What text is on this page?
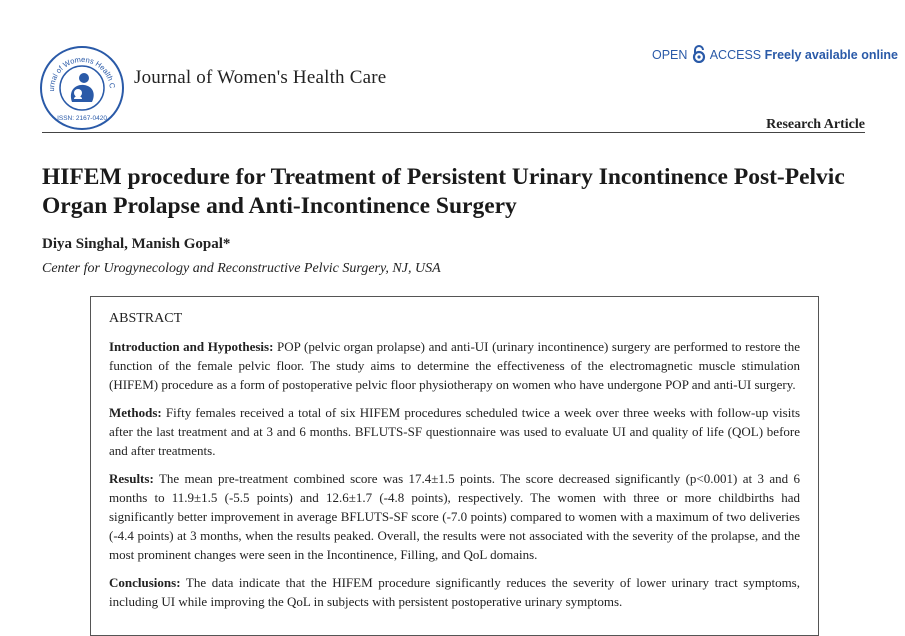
urnal of Womens Health C
ISSN: 2167-0420
Journal of Women's Health Care
OPEN ACCESS Freely available online
Research Article
HIFEM procedure for Treatment of Persistent Urinary Incontinence Post-Pelvic Organ Prolapse and Anti-Incontinence Surgery
Diya Singhal, Manish Gopal*
Center for Urogynecology and Reconstructive Pelvic Surgery, NJ, USA
ABSTRACT

Introduction and Hypothesis: POP (pelvic organ prolapse) and anti-UI (urinary incontinence) surgery are performed to restore the function of the female pelvic floor. The study aims to determine the effectiveness of the electromagnetic muscle stimulation (HIFEM) procedure as a form of postoperative pelvic floor physiotherapy on women who have undergone POP and anti-UI surgery.

Methods: Fifty females received a total of six HIFEM procedures scheduled twice a week over three weeks with follow-up visits after the last treatment and at 3 and 6 months. BFLUTS-SF questionnaire was used to evaluate UI and quality of life (QOL) before and after treatments.

Results: The mean pre-treatment combined score was 17.4±1.5 points. The score decreased significantly (p<0.001) at 3 and 6 months to 11.9±1.5 (-5.5 points) and 12.6±1.7 (-4.8 points), respectively. The women with three or more childbirths had significantly better improvement in average BFLUTS-SF score (-7.0 points) compared to women with a maximum of two deliveries (-4.4 points) at 3 months, when the results peaked. Overall, the results were not associated with the severity of the prolapse, and the most prominent changes were seen in the Incontinence, Filling, and QoL domains.

Conclusions: The data indicate that the HIFEM procedure significantly reduces the severity of lower urinary tract symptoms, including UI while improving the QoL in subjects with persistent postoperative urinary symptoms.
